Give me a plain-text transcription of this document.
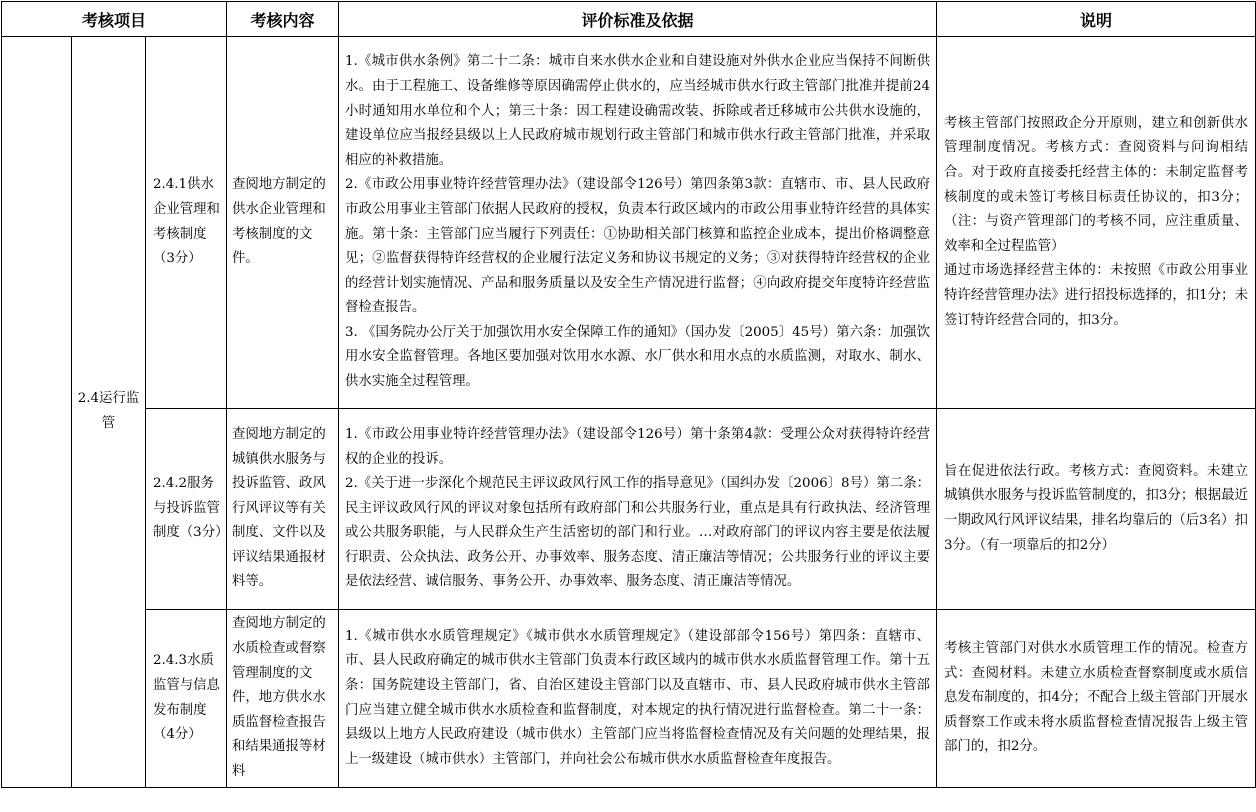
考核项目			考核内容	评价标准及依据	说明
	2.4运行监管	2.4.1供水企业管理和考核制度（3分）	查阅地方制定的供水企业管理和考核制度的文件。	1.《城市供水条例》第二十二条：城市自来水供水企业和自建设施对外供水企业应当保持不间断供水。由于工程施工、设备维修等原因确需停止供水的，应当经城市供水行政主管部门批准并提前24小时通知用水单位和个人；第三十条：因工程建设确需改装、拆除或者迁移城市公共供水设施的，建设单位应当报经县级以上人民政府城市规划行政主管部门和城市供水行政主管部门批准，并采取相应的补救措施。
2.《市政公用事业特许经营管理办法》（建设部令126号）第四条第3款：直辖市、市、县人民政府市政公用事业主管部门依据人民政府的授权，负责本行政区域内的市政公用事业特许经营的具体实施。第十条：主管部门应当履行下列责任：①协助相关部门核算和监控企业成本，提出价格调整意见；②监督获得特许经营权的企业履行法定义务和协议书规定的义务；③对获得特许经营权的企业的经营计划实施情况、产品和服务质量以及安全生产情况进行监督；④向政府提交年度特许经营监督检查报告。
3. 《国务院办公厅关于加强饮用水安全保障工作的通知》（国办发〔2005〕45号）第六条：加强饮用水安全监督管理。各地区要加强对饮用水水源、水厂供水和用水点的水质监测，对取水、制水、供水实施全过程管理。	考核主管部门按照政企分开原则，建立和创新供水管理制度情况。考核方式：查阅资料与问询相结合。对于政府直接委托经营主体的：未制定监督考核制度的或未签订考核目标责任协议的，扣3分；（注：与资产管理部门的考核不同，应注重质量、效率和全过程监管）
通过市场选择经营主体的：未按照《市政公用事业特许经营管理办法》进行招投标选择的，扣1分；未签订特许经营合同的，扣3分。

		2.4.2服务与投诉监管制度（3分）	查阅地方制定的城镇供水服务与投诉监管、政风行风评议等有关制度、文件以及评议结果通报材料等。	1.《市政公用事业特许经营管理办法》（建设部令126号）第十条第4款：受理公众对获得特许经营权的企业的投诉。
2.《关于进一步深化个规范民主评议政风行风工作的指导意见》（国纠办发〔2006〕8号）第二条：民主评议政风行风的评议对象包括所有政府部门和公共服务行业，重点是具有行政执法、经济管理或公共服务职能，与人民群众生产生活密切的部门和行业。…对政府部门的评议内容主要是依法履行职责、公众执法、政务公开、办事效率、服务态度、清正廉洁等情况；公共服务行业的评议主要是依法经营、诚信服务、事务公开、办事效率、服务态度、清正廉洁等情况。	旨在促进依法行政。考核方式：查阅资料。未建立城镇供水服务与投诉监管制度的，扣3分；根据最近一期政风行风评议结果，排名均靠后的（后3名）扣3分。（有一项靠后的扣2分）

		2.4.3水质监管与信息发布制度（4分）	查阅地方制定的水质检查或督察管理制度的文件，地方供水水质监督检查报告和结果通报等材料	1.《城市供水水质管理规定》《城市供水水质管理规定》（建设部部令156号）第四条：直辖市、市、县人民政府确定的城市供水主管部门负责本行政区域内的城市供水水质监督管理工作。第十五条：国务院建设主管部门，省、自治区建设主管部门以及直辖市、市、县人民政府城市供水主管部门应当建立健全城市供水水质检查和监督制度，对本规定的执行情况进行监督检查。第二十一条：县级以上地方人民政府建设（城市供水）主管部门应当将监督检查情况及有关问题的处理结果，报上一级建设（城市供水）主管部门，并向社会公布城市供水水质监督检查年度报告。	考核主管部门对供水水质管理工作的情况。检查方式：查阅材料。未建立水质检查督察制度或水质信息发布制度的，扣4分；不配合上级主管部门开展水质督察工作或未将水质监督检查情况报告上级主管部门的，扣2分。
